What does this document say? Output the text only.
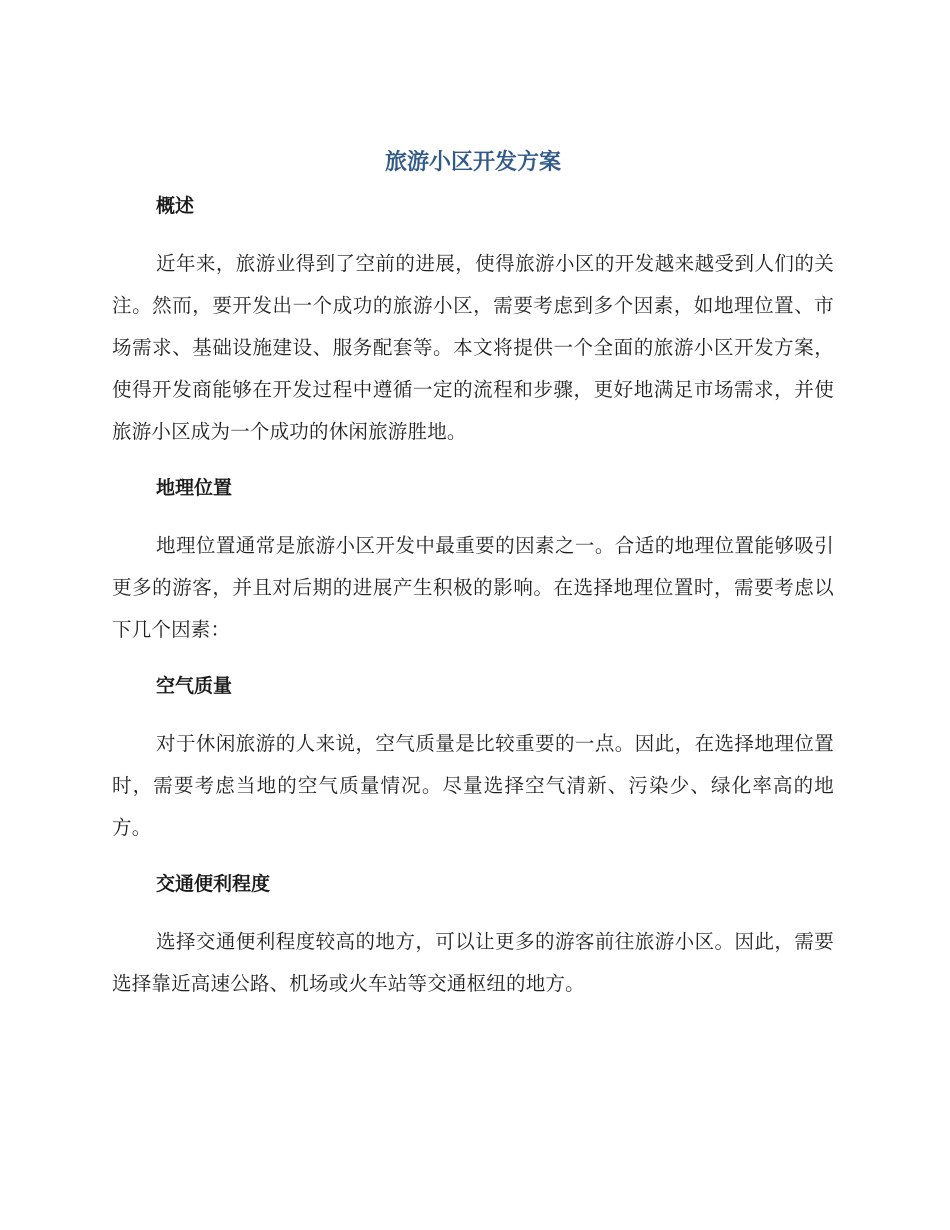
旅游小区开发方案
概述

近年来，旅游业得到了空前的进展，使得旅游小区的开发越来越受到人们的关注。然而，要开发出一个成功的旅游小区，需要考虑到多个因素，如地理位置、市场需求、基础设施建设、服务配套等。本文将提供一个全面的旅游小区开发方案，使得开发商能够在开发过程中遵循一定的流程和步骤，更好地满足市场需求，并使旅游小区成为一个成功的休闲旅游胜地。

地理位置

地理位置通常是旅游小区开发中最重要的因素之一。合适的地理位置能够吸引更多的游客，并且对后期的进展产生积极的影响。在选择地理位置时，需要考虑以下几个因素：

空气质量

对于休闲旅游的人来说，空气质量是比较重要的一点。因此，在选择地理位置时，需要考虑当地的空气质量情况。尽量选择空气清新、污染少、绿化率高的地方。

交通便利程度

选择交通便利程度较高的地方，可以让更多的游客前往旅游小区。因此，需要选择靠近高速公路、机场或火车站等交通枢纽的地方。
